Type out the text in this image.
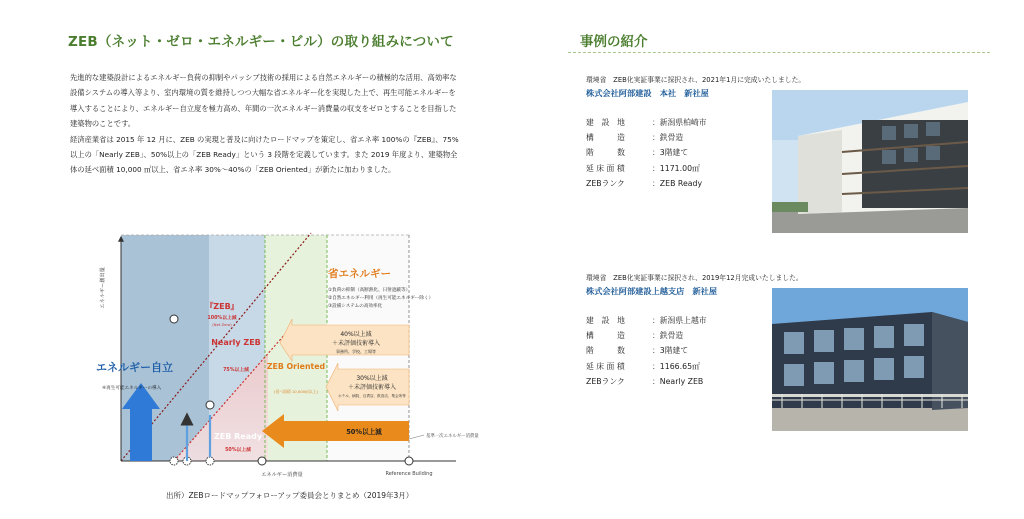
ZEB（ネット・ゼロ・エネルギー・ビル）の取り組みについて

先進的な建築設計によるエネルギー負荷の抑制やパッシブ技術の採用による自然エネルギーの積極的な活用、高効率な設備システムの導入等より、室内環境の質を維持しつつ大幅な省エネルギー化を実現した上で、再生可能エネルギーを導入することにより、エネルギー自立度を極力高め、年間の一次エネルギー消費量の収支をゼロとすることを目指した建築物のことです。

経済産業省は 2015 年 12 月に、ZEB の実現と普及に向けたロードマップを策定し、省エネ率 100%の『ZEB』、75%以上の「Nearly ZEB」、50%以上の「ZEB Ready」という 3 段階を定義しています。また 2019 年度より、建築物全体の延べ面積 10,000 ㎡以上、省エネ率 30%～40%の「ZEB Oriented」が新たに加わりました。

エネルギー創出量
エネルギー消費量
エネルギー自立
④再生可能エネルギーの導入
『ZEB』
100%以上減
(Net Zero)
Nearly ZEB
75%以上減
ZEB Ready
50%以上減
ZEB Oriented
(延べ面積 10,000㎡以上)
省エネルギー
①負荷の抑制（高断熱化、日射遮蔽等）
②自然エネルギー利用（再生可能エネルギー除く）
③設備システムの高効率化
40%以上減
＋未評価技術導入
事務所、学校、工場等
30%以上減
＋未評価技術導入
ホテル、病院、百貨店、飲食店、集会所等
50%以上減
基準一次エネルギー消費量
Reference Building
出所）ZEBロードマップフォローアップ委員会とりまとめ（2019年3月）
事例の紹介
環境省　ZEB化実証事業に採択され、2021年1月に完成いたしました。
株式会社阿部建設　本社　新社屋
建　設　地	： 新潟県柏崎市
構　　　造	： 鉄骨造
階　　　数	： 3階建て
延 床 面 積	： 1171.00㎡
ZEBランク	： ZEB Ready
環境省　ZEB化実証事業に採択され、2019年12月完成いたしました。
株式会社阿部建設上越支店　新社屋
建　設　地	： 新潟県上越市
構　　　造	： 鉄骨造
階　　　数	： 3階建て
延 床 面 積	： 1166.65㎡
ZEBランク	： Nearly ZEB
